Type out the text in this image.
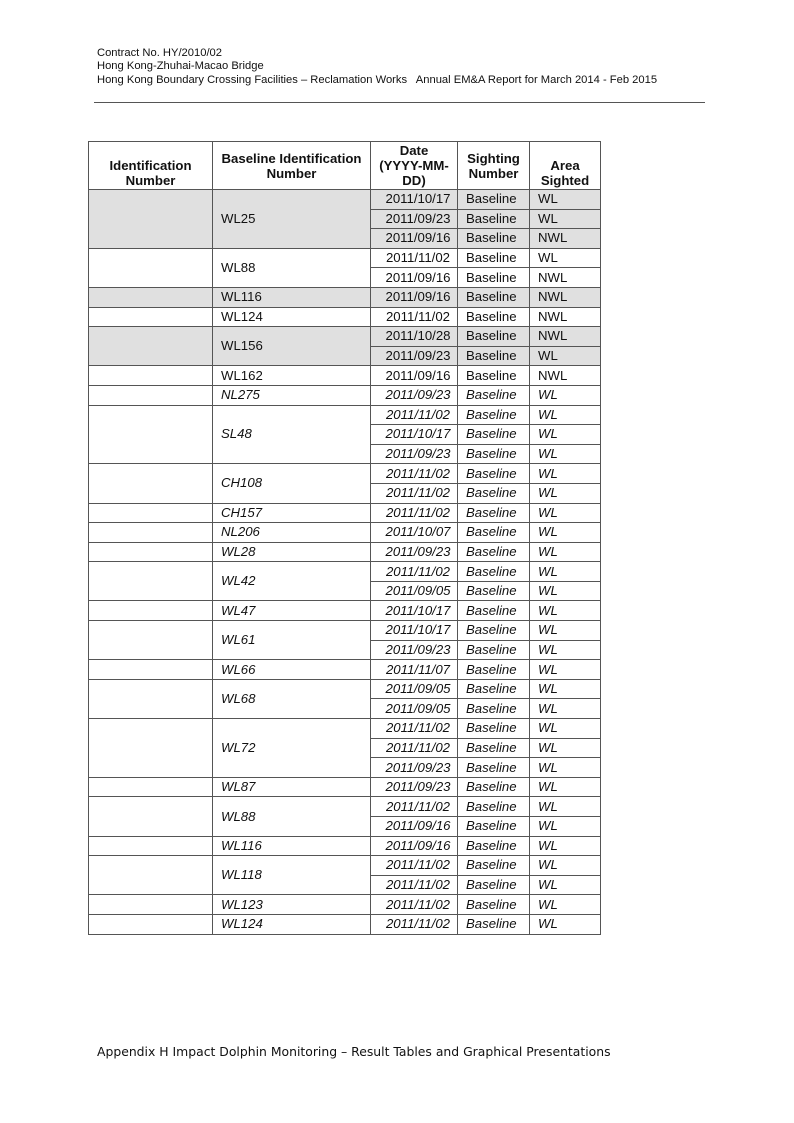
Contract No. HY/2010/02
Hong Kong-Zhuhai-Macao Bridge
Hong Kong Boundary Crossing Facilities – Reclamation Works   Annual EM&A Report for March 2014 - Feb 2015
Identification Number	Baseline Identification Number	Date (YYYY-MM-DD)	Sighting Number	Area Sighted
	WL25	2011/10/17	Baseline	WL
		2011/09/23	Baseline	WL
		2011/09/16	Baseline	NWL
	WL88	2011/11/02	Baseline	WL
		2011/09/16	Baseline	NWL
	WL116	2011/09/16	Baseline	NWL
	WL124	2011/11/02	Baseline	NWL
	WL156	2011/10/28	Baseline	NWL
		2011/09/23	Baseline	WL
	WL162	2011/09/16	Baseline	NWL
	NL275	2011/09/23	Baseline	WL
	SL48	2011/11/02	Baseline	WL
		2011/10/17	Baseline	WL
		2011/09/23	Baseline	WL
	CH108	2011/11/02	Baseline	WL
		2011/11/02	Baseline	WL
	CH157	2011/11/02	Baseline	WL
	NL206	2011/10/07	Baseline	WL
	WL28	2011/09/23	Baseline	WL
	WL42	2011/11/02	Baseline	WL
		2011/09/05	Baseline	WL
	WL47	2011/10/17	Baseline	WL
	WL61	2011/10/17	Baseline	WL
		2011/09/23	Baseline	WL
	WL66	2011/11/07	Baseline	WL
	WL68	2011/09/05	Baseline	WL
		2011/09/05	Baseline	WL
	WL72	2011/11/02	Baseline	WL
		2011/11/02	Baseline	WL
		2011/09/23	Baseline	WL
	WL87	2011/09/23	Baseline	WL
	WL88	2011/11/02	Baseline	WL
		2011/09/16	Baseline	WL
	WL116	2011/09/16	Baseline	WL
	WL118	2011/11/02	Baseline	WL
		2011/11/02	Baseline	WL
	WL123	2011/11/02	Baseline	WL
	WL124	2011/11/02	Baseline	WL
Appendix H Impact Dolphin Monitoring – Result Tables and Graphical Presentations
